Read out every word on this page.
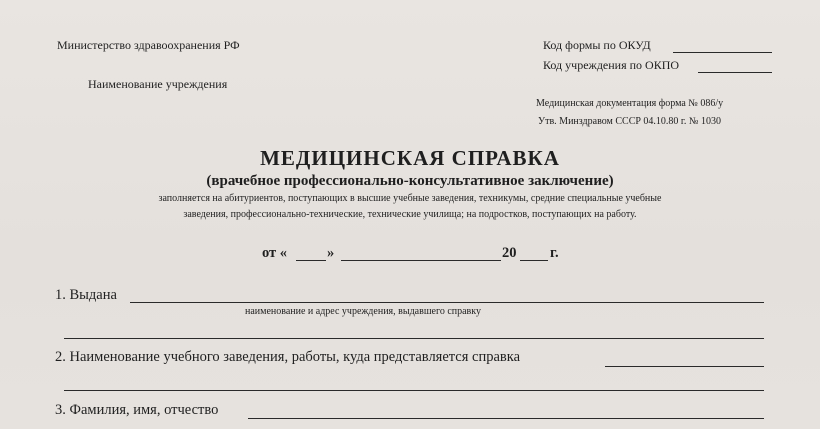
Министерство здравоохранения РФ
Наименование учреждения
Код формы по ОКУД
Код учреждения по ОКПО
Медицинская документация форма № 086/у
Утв. Минздравом СССР 04.10.80 г. № 1030
МЕДИЦИНСКАЯ СПРАВКА
(врачебное профессионально-консультативное заключение)
заполняется на абитуриентов, поступающих в высшие учебные заведения, техникумы, средние специальные учебные
заведения, профессионально-технические, технические училища; на подростков, поступающих на работу.
от «	»	20 г.
1. Выдана
наименование и адрес учреждения, выдавшего справку
2. Наименование учебного заведения, работы, куда представляется справка
3. Фамилия, имя, отчество
